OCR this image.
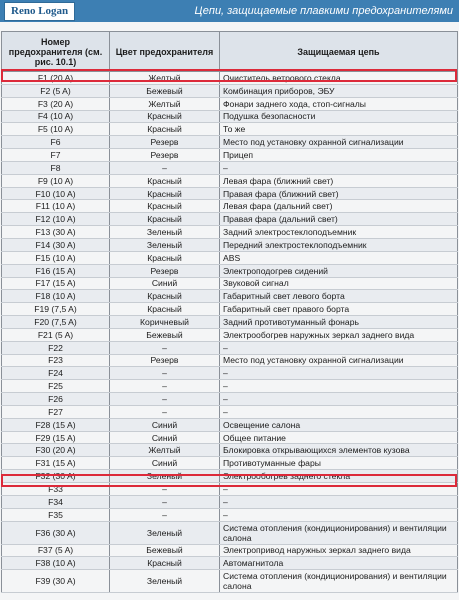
Reno Logan	Цепи, защищаемые плавкими предохранителями
Номер предохранителя (см. рис. 10.1)	Цвет предохранителя	Защищаемая цепь
F1 (20 A)	Желтый	Очиститель ветрового стекла
F2 (5 A)	Бежевый	Комбинация приборов, ЭБУ
F3 (20 A)	Желтый	Фонари заднего хода, стоп-сигналы
F4 (10 A)	Красный	Подушка безопасности
F5 (10 A)	Красный	То же
F6	Резерв	Место под установку охранной сигнализации
F7	Резерв	Прицеп
F8	–	–
F9 (10 A)	Красный	Левая фара (ближний свет)
F10 (10 A)	Красный	Правая фара (ближний свет)
F11 (10 A)	Красный	Левая фара (дальний свет)
F12 (10 A)	Красный	Правая фара (дальний свет)
F13 (30 A)	Зеленый	Задний электростеклоподъемник
F14 (30 A)	Зеленый	Передний электростеклоподъемник
F15 (10 A)	Красный	ABS
F16 (15 A)	Резерв	Электроподогрев сидений
F17 (15 A)	Синий	Звуковой сигнал
F18 (10 A)	Красный	Габаритный свет левого борта
F19 (7,5 A)	Красный	Габаритный свет правого борта
F20 (7,5 A)	Коричневый	Задний противотуманный фонарь
F21 (5 A)	Бежевый	Электрообогрев наружных зеркал заднего вида
F22	–	–
F23	Резерв	Место под установку охранной сигнализации
F24	–	–
F25	–	–
F26	–	–
F27	–	–
F28 (15 A)	Синий	Освещение салона
F29 (15 A)	Синий	Общее питание
F30 (20 A)	Желтый	Блокировка открывающихся элементов кузова
F31 (15 A)	Синий	Противотуманные фары
F32 (30 A)	Зеленый	Электрообогрев заднего стекла
F33	–	–
F34	–	–
F35	–	–
F36 (30 A)	Зеленый	Система отопления (кондиционирования) и вентиляции салона
F37 (5 A)	Бежевый	Электропривод наружных зеркал заднего вида
F38 (10 A)	Красный	Автомагнитола
F39 (30 A)	Зеленый	Система отопления (кондиционирования) и вентиляции салона
